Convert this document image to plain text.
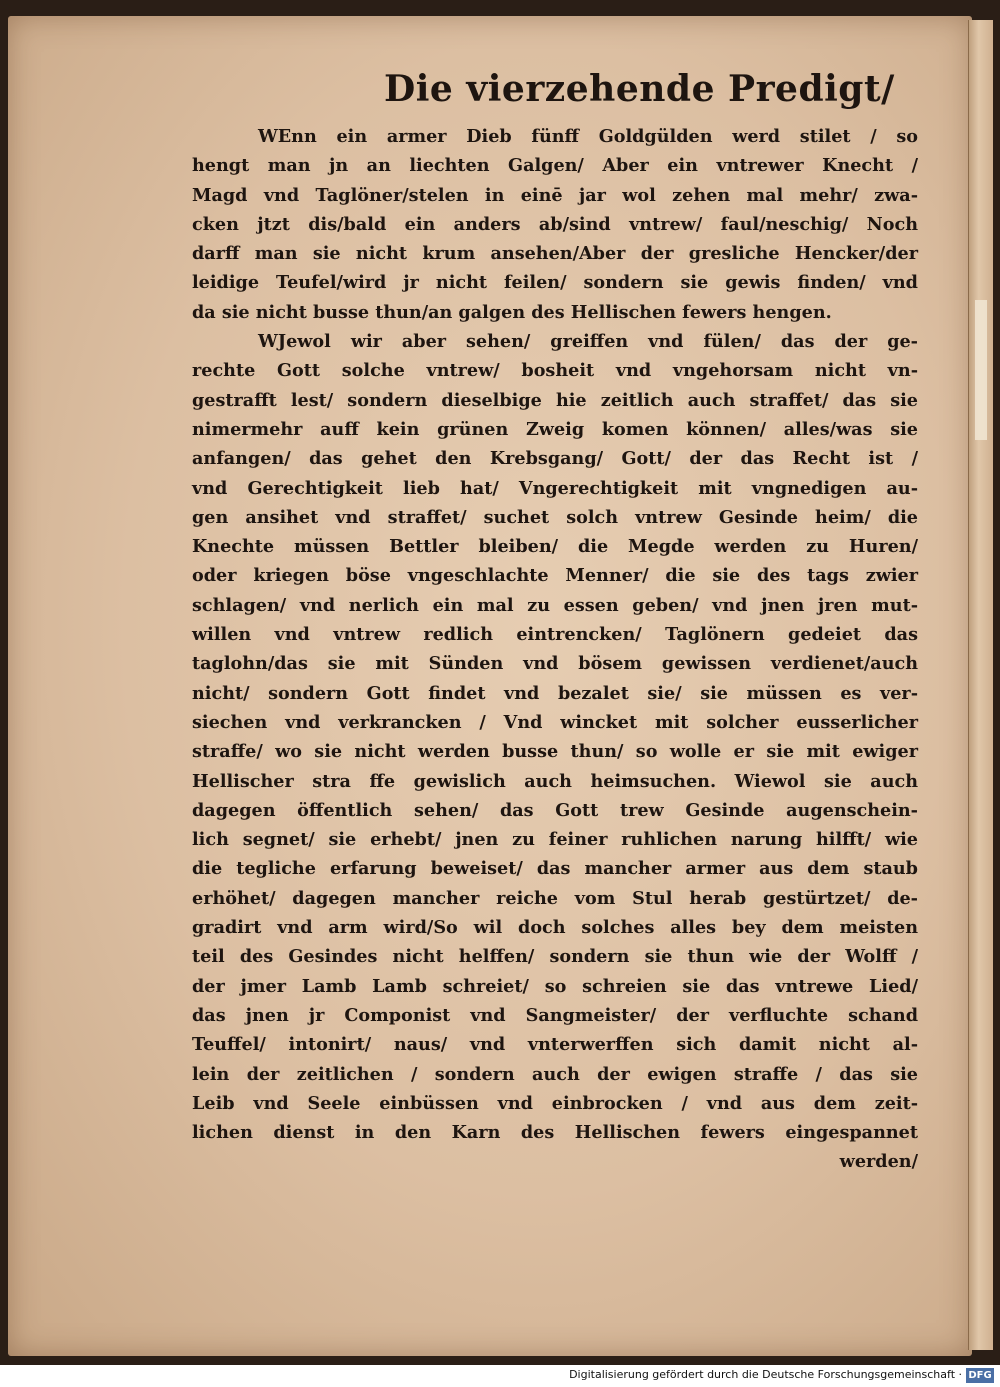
Die vierzehende Predigt/
WEnn ein armer Dieb fünff Goldgülden werd stilet / so
hengt man jn an liechten Galgen/ Aber ein vntrewer Knecht /
Magd vnd Taglöner/stelen in einē jar wol zehen mal mehr/ zwa-
cken jtzt dis/bald ein anders ab/sind vntrew/ faul/neschig/ Noch
darff man sie nicht krum ansehen/Aber der gresliche Hencker/der
leidige Teufel/wird jr nicht feilen/ sondern sie gewis finden/ vnd
da sie nicht busse thun/an galgen des Hellischen fewers hengen.
WJewol wir aber sehen/ greiffen vnd fülen/ das der ge-
rechte Gott solche vntrew/ bosheit vnd vngehorsam nicht vn-
gestrafft lest/ sondern dieselbige hie zeitlich auch straffet/ das sie
nimermehr auff kein grünen Zweig komen können/ alles/was sie
anfangen/ das gehet den Krebsgang/ Gott/ der das Recht ist /
vnd Gerechtigkeit lieb hat/ Vngerechtigkeit mit vngnedigen au-
gen ansihet vnd straffet/ suchet solch vntrew Gesinde heim/ die
Knechte müssen Bettler bleiben/ die Megde werden zu Huren/
oder kriegen böse vngeschlachte Menner/ die sie des tags zwier
schlagen/ vnd nerlich ein mal zu essen geben/ vnd jnen jren mut-
willen vnd vntrew redlich eintrencken/ Taglönern gedeiet das
taglohn/das sie mit Sünden vnd bösem gewissen verdienet/auch
nicht/ sondern Gott findet vnd bezalet sie/ sie müssen es ver-
siechen vnd verkrancken / Vnd wincket mit solcher eusserlicher
straffe/ wo sie nicht werden busse thun/ so wolle er sie mit ewiger
Hellischer stra ffe gewislich auch heimsuchen. Wiewol sie auch
dagegen öffentlich sehen/ das Gott trew Gesinde augenschein-
lich segnet/ sie erhebt/ jnen zu feiner ruhlichen narung hilfft/ wie
die tegliche erfarung beweiset/ das mancher armer aus dem staub
erhöhet/ dagegen mancher reiche vom Stul herab gestürtzet/ de-
gradirt vnd arm wird/So wil doch solches alles bey dem meisten
teil des Gesindes nicht helffen/ sondern sie thun wie der Wolff /
der jmer Lamb Lamb schreiet/ so schreien sie das vntrewe Lied/
das jnen jr Componist vnd Sangmeister/ der verfluchte schand
Teuffel/ intonirt/ naus/ vnd vnterwerffen sich damit nicht al-
lein der zeitlichen / sondern auch der ewigen straffe / das sie
Leib vnd Seele einbüssen vnd einbrocken / vnd aus dem zeit-
lichen dienst in den Karn des Hellischen fewers eingespannet
werden/
Digitalisierung gefördert durch die Deutsche Forschungsgemeinschaft · DFG
